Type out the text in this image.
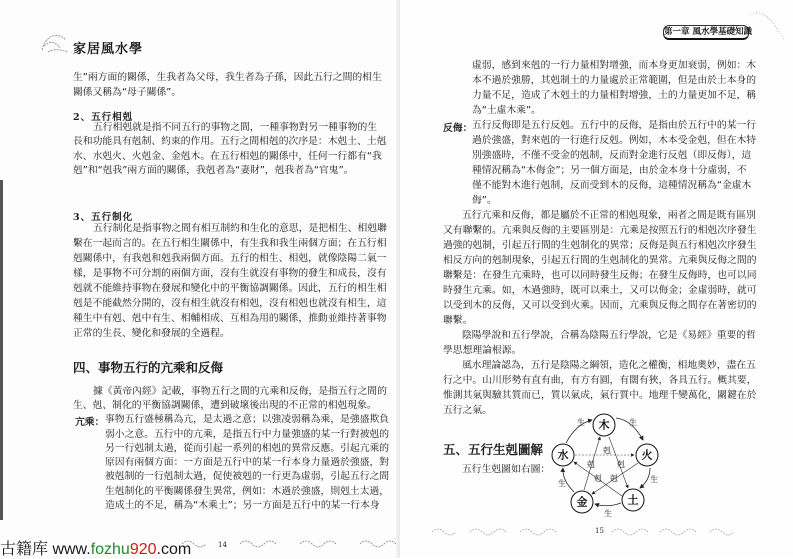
家居風水學
生”兩方面的關係，生我者為父母，我生者為子孫，因此五行之間的相生
關係又稱為“母子關係”。
2、五行相剋
五行相剋就是指不同五行的事物之間，一種事物對另一種事物的生
長和功能具有剋制、約束的作用。五行之間相剋的次序是：木剋土、土剋
水、水剋火、火剋金、金剋木。在五行相剋的關係中，任何一行都有“我
剋”和“剋我”兩方面的關係，我剋者為“妻財”，剋我者為“官鬼”。
3、五行制化
五行制化是指事物之間有相互制約和生化的意思，是把相生、相剋聯
繫在一起而言的。在五行相生關係中，有生我和我生兩個方面；在五行相
剋關係中，有我剋和剋我兩個方面。五行的相生、相剋，就像陰陽二氣一
樣，是事物不可分割的兩個方面，沒有生就沒有事物的發生和成長，沒有
剋就不能維持事物在發展和變化中的平衡協調關係。因此，五行的相生相
剋是不能截然分開的，沒有相生就沒有相剋，沒有相剋也就沒有相生，這
種生中有剋、剋中有生、相輔相成、互相為用的關係，推動並維持著事物
正常的生長、變化和發展的全過程。
四、事物五行的亢乘和反侮
據《黃帝內經》記載，事物五行之間的亢乘和反侮，是指五行之間的
生、剋、制化的平衡協調關係，遭到破壞後出現的不正常的相剋現象。
亢乘： 事物五行盛極稱為亢，是太過之意；以強凌弱稱為乘，是強盛欺負
弱小之意。五行中的亢乘，是指五行中力量強盛的某一行對被剋的
另一行剋制太過，從而引起一系列的相剋的異常反應。引起亢乘的
原因有兩個方面：一方面是五行中的某一行本身力量過於強盛，對
被剋制的一行剋制太過，促使被剋的一行更為虛弱，引起五行之間
生剋制化的平衡關係發生異常，例如：木過於強盛，則剋土太過，
造成土的不足，稱為“木乘土”；另一方面是五行中的某一行本身
14
古籍库 www.fozhu920.com
第一章 風水學基礎知識
虛弱，感到來剋的一行力量相對增強，而本身更加衰弱，例如：木
本不過於強勝，其剋制土的力量處於正常範圍，但是由於土本身的
力量不足，造成了木剋土的力量相對增強，土的力量更加不足，稱
為“土虛木乘”。
反侮： 五行反侮即是五行反剋。五行中的反侮，是指由於五行中的某一行
過於強盛，對來剋的一行進行反剋。例如，木本受金剋，但在木特
別強盛時，不僅不受金的剋制，反而對金進行反剋（即反侮），這
種情況稱為“木侮金”；另一個方面是，由於金本身十分虛弱，不
僅不能對木進行剋制，反而受到木的反侮，這種情況稱為“金虛木
侮”。
五行亢乘和反侮，都是屬於不正常的相剋現象，兩者之間是既有區別
又有聯繫的。亢乘與反侮的主要區別是：亢乘是按照五行的相剋次序發生
過強的剋制，引起五行間的生剋制化的異常；反侮是與五行相剋次序發生
相反方向的剋制現象，引起五行間的生剋制化的異常。亢乘與反侮之間的
聯繫是：在發生亢乘時，也可以同時發生反侮；在發生反侮時，也可以同
時發生亢乘。如，木過強時，既可以乘土，又可以侮金；金虛弱時，就可
以受到木的反侮，又可以受到火乘。因而，亢乘與反侮之間存在著密切的
聯繫。
陰陽學說和五行學說，合稱為陰陽五行學說，它是《易經》重要的哲
學思想理論根源。
風水理論認為，五行是陰陽之綱領，造化之權衡，相地奧妙，盡在五
行之中。山川形勢有直有曲，有方有圓，有闊有狹，各具五行。概其要，
惟測其氣與驗其質而已，質以氣成，氣行質中。地理千變萬化，關鍵在於
五行之氣。
五、五行生剋圖解
五行生剋圖如右圖：
生	生
生
生
生
剋
剋	剋
剋 剋
木
火
土
金
水
15
